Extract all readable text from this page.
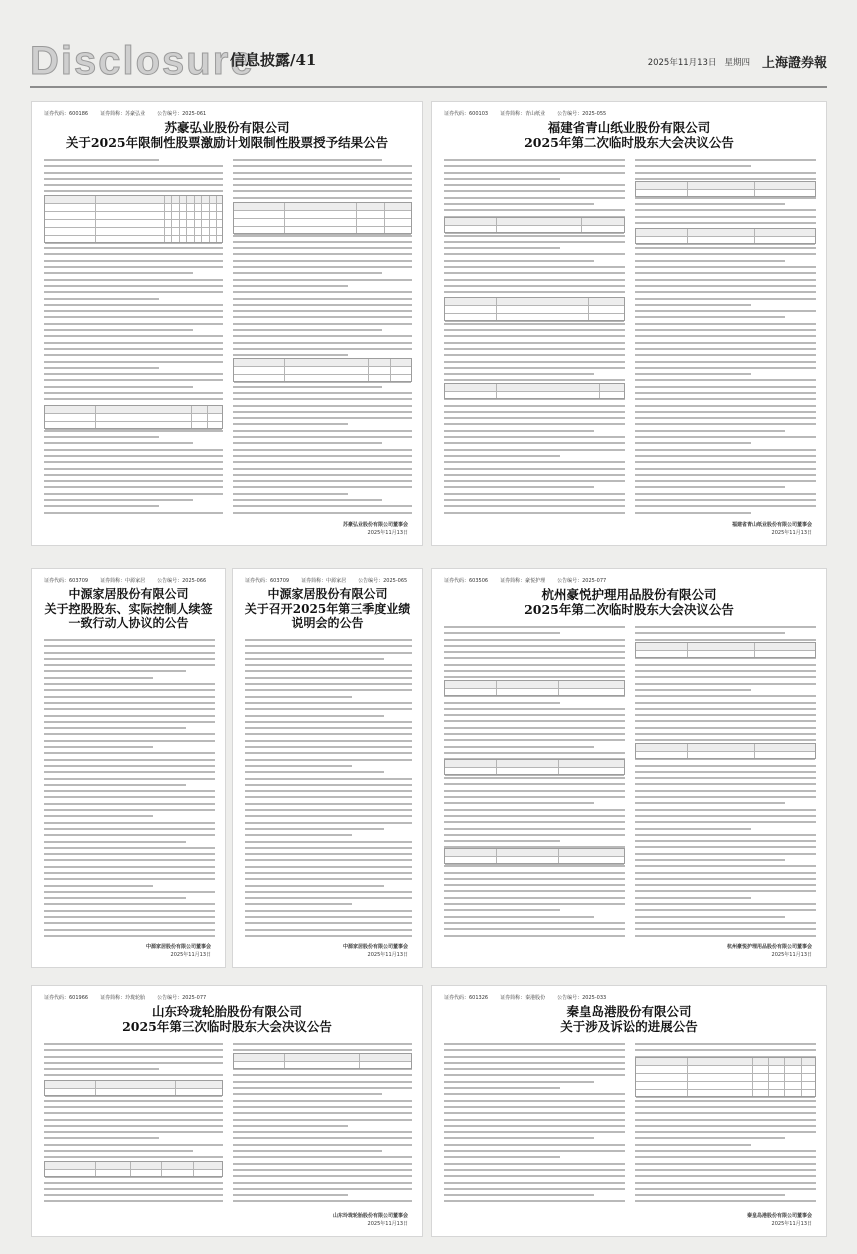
Disclosure
信息披露/41	2025年11月13日 星期四 上海證券報
证券代码：600186 证券简称：苏豪弘业 公告编号：2025-061
苏豪弘业股份有限公司
关于2025年限制性股票激励计划限制性股票授予结果公告
苏豪弘业股份有限公司董事会
2025年11月13日
证券代码：600103 证券简称：青山纸业 公告编号：2025-055
福建省青山纸业股份有限公司
2025年第二次临时股东大会决议公告
福建省青山纸业股份有限公司董事会
2025年11月13日
证券代码：603709 证券简称：中源家居 公告编号：2025-066
中源家居股份有限公司
关于控股股东、实际控制人续签
一致行动人协议的公告
中源家居股份有限公司董事会
2025年11月13日
证券代码：603709 证券简称：中源家居 公告编号：2025-065
中源家居股份有限公司
关于召开2025年第三季度业绩
说明会的公告
中源家居股份有限公司董事会
2025年11月13日
证券代码：603506 证券简称：豪悦护理 公告编号：2025-077
杭州豪悦护理用品股份有限公司
2025年第二次临时股东大会决议公告
杭州豪悦护理用品股份有限公司董事会
2025年11月13日
证券代码：601966 证券简称：玲珑轮胎 公告编号：2025-077
山东玲珑轮胎股份有限公司
2025年第三次临时股东大会决议公告
山东玲珑轮胎股份有限公司董事会
2025年11月13日
证券代码：601326 证券简称：秦港股份 公告编号：2025-033
秦皇岛港股份有限公司
关于涉及诉讼的进展公告
秦皇岛港股份有限公司董事会
2025年11月13日
